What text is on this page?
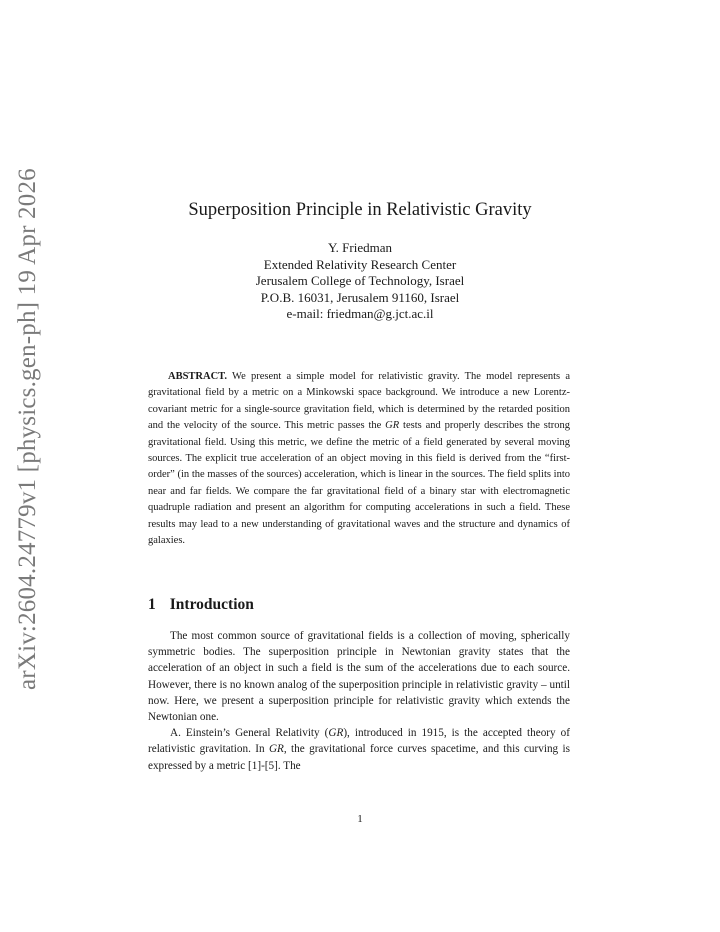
arXiv:2604.24779v1 [physics.gen-ph] 19 Apr 2026	Superposition Principle in Relativistic Gravity
Y. Friedman
Extended Relativity Research Center
Jerusalem College of Technology, Israel
P.O.B. 16031, Jerusalem 91160, Israel
e-mail: friedman@g.jct.ac.il
ABSTRACT. We present a simple model for relativistic gravity. The model represents a gravitational field by a metric on a Minkowski space background. We introduce a new Lorentz-covariant metric for a single-source gravitation field, which is determined by the retarded position and the velocity of the source. This metric passes the GR tests and properly describes the strong gravitational field. Using this metric, we define the metric of a field generated by several moving sources. The explicit true acceleration of an object moving in this field is derived from the “first-order” (in the masses of the sources) acceleration, which is linear in the sources. The field splits into near and far fields. We compare the far gravitational field of a binary star with electromagnetic quadruple radiation and present an algorithm for computing accelerations in such a field. These results may lead to a new understanding of gravitational waves and the structure and dynamics of galaxies.
1 Introduction

The most common source of gravitational fields is a collection of moving, spherically symmetric bodies. The superposition principle in Newtonian gravity states that the acceleration of an object in such a field is the sum of the accelerations due to each source. However, there is no known analog of the superposition principle in relativistic gravity – until now. Here, we present a superposition principle for relativistic gravity which extends the Newtonian one.

A. Einstein’s General Relativity (GR), introduced in 1915, is the accepted theory of relativistic gravitation. In GR, the gravitational force curves spacetime, and this curving is expressed by a metric [1]-[5]. The

1
